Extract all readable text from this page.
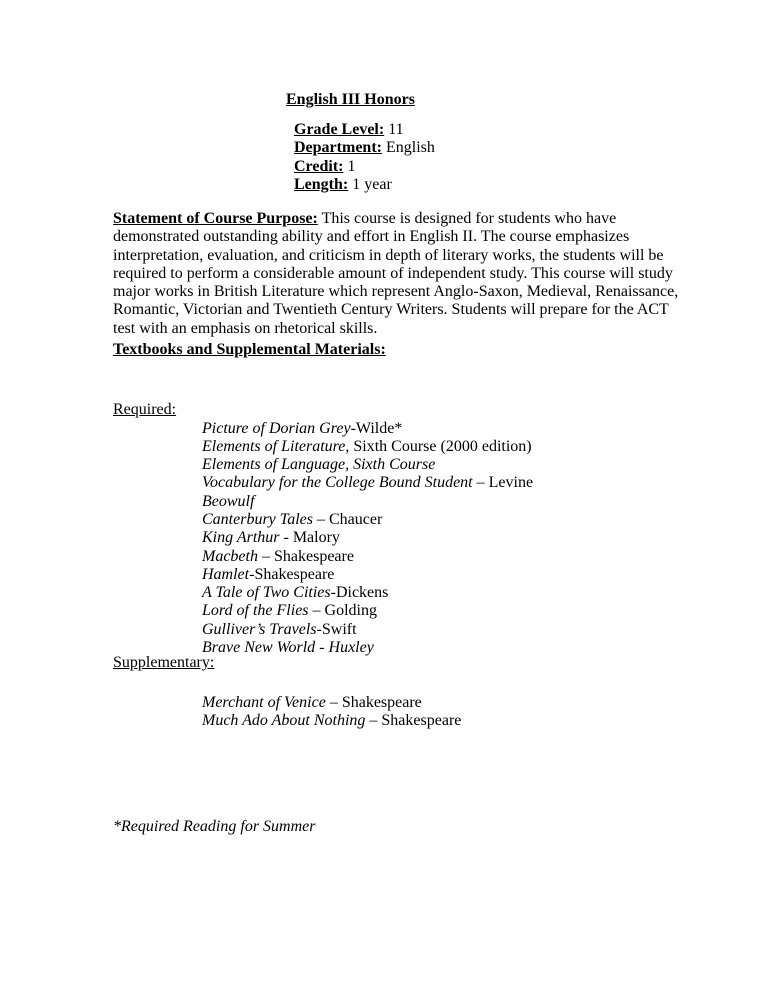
English III Honors
Grade Level: 11
Department: English
Credit: 1
Length: 1 year
Statement of Course Purpose: This course is designed for students who have
demonstrated outstanding ability and effort in English II. The course emphasizes
interpretation, evaluation, and criticism in depth of literary works, the students will be
required to perform a considerable amount of independent study. This course will study
major works in British Literature which represent Anglo-Saxon, Medieval, Renaissance,
Romantic, Victorian and Twentieth Century Writers. Students will prepare for the ACT
test with an emphasis on rhetorical skills.
Textbooks and Supplemental Materials:
Required:
Picture of Dorian Grey-Wilde*
Elements of Literature, Sixth Course (2000 edition)
Elements of Language, Sixth Course
Vocabulary for the College Bound Student – Levine
Beowulf
Canterbury Tales – Chaucer
King Arthur - Malory
Macbeth – Shakespeare
Hamlet-Shakespeare
A Tale of Two Cities-Dickens
Lord of the Flies – Golding
Gulliver’s Travels-Swift
Brave New World - Huxley
Supplementary:
Merchant of Venice – Shakespeare
Much Ado About Nothing – Shakespeare
*Required Reading for Summer
